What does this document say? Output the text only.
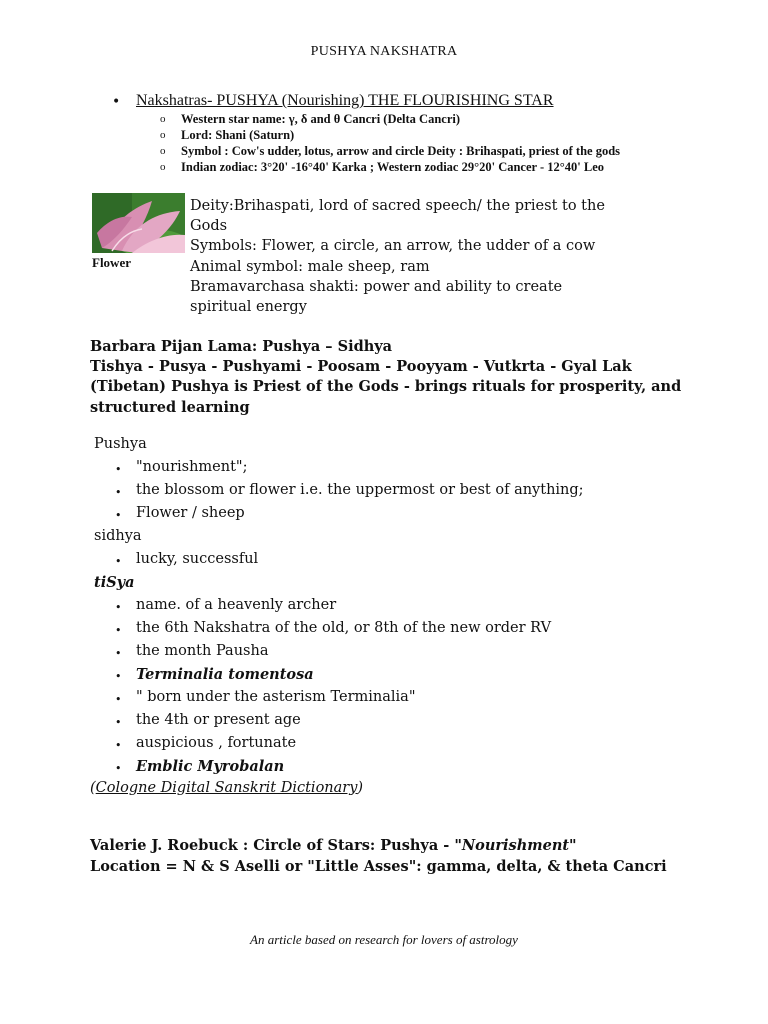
PUSHYA NAKSHATRA
• Nakshatras- PUSHYA (Nourishing) THE FLOURISHING STAR
o Western star name: γ, δ and θ Cancri (Delta Cancri)
o Lord: Shani (Saturn)
o Symbol : Cow's udder, lotus, arrow and circle Deity : Brihaspati, priest of the gods
o Indian zodiac: 3°20' -16°40' Karka ; Western zodiac 29°20' Cancer - 12°40' Leo
Flower
Deity:Brihaspati, lord of sacred speech/ the priest to the
Gods
Symbols: Flower, a circle, an arrow, the udder of a cow
Animal symbol: male sheep, ram
Bramavarchasa shakti: power and ability to create
spiritual energy
Barbara Pijan Lama: Pushya – Sidhya
Tishya - Pusya - Pushyami - Poosam - Pooyyam - Vutkrta - Gyal Lak
(Tibetan) Pushya is Priest of the Gods - brings rituals for prosperity, and
structured learning
Pushya
• "nourishment";
• the blossom or flower i.e. the uppermost or best of anything;
• Flower / sheep
sidhya
• lucky, successful
tiSya
• name. of a heavenly archer
• the 6th Nakshatra of the old, or 8th of the new order RV
• the month Pausha
• Terminalia tomentosa
• " born under the asterism Terminalia"
• the 4th or present age
• auspicious , fortunate
• Emblic Myrobalan
(Cologne Digital Sanskrit Dictionary)
Valerie J. Roebuck : Circle of Stars: Pushya - "Nourishment"
Location = N & S Aselli or "Little Asses": gamma, delta, & theta Cancri
An article based on research for lovers of astrology
